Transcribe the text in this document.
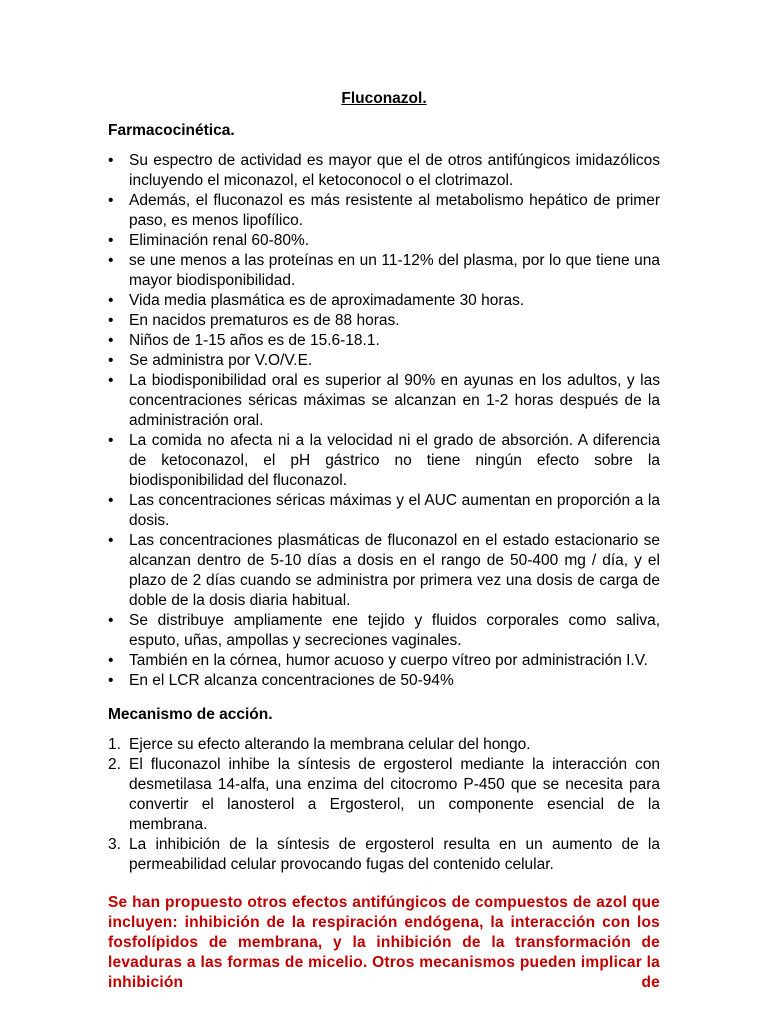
Fluconazol.
Farmacocinética.
• Su espectro de actividad es mayor que el de otros antifúngicos imidazólicos incluyendo el miconazol, el ketoconocol o el clotrimazol.
• Además, el fluconazol es más resistente al metabolismo hepático de primer paso, es menos lipofílico.
• Eliminación renal 60-80%.
• se une menos a las proteínas en un 11-12% del plasma, por lo que tiene una mayor biodisponibilidad.
• Vida media plasmática es de aproximadamente 30 horas.
• En nacidos prematuros es de 88 horas.
• Niños de 1-15 años es de 15.6-18.1.
• Se administra por V.O/V.E.
• La biodisponibilidad oral es superior al 90% en ayunas en los adultos, y las concentraciones séricas máximas se alcanzan en 1-2 horas después de la administración oral.
• La comida no afecta ni a la velocidad ni el grado de absorción. A diferencia de ketoconazol, el pH gástrico no tiene ningún efecto sobre la biodisponibilidad del fluconazol.
• Las concentraciones séricas máximas y el AUC aumentan en proporción a la dosis.
• Las concentraciones plasmáticas de fluconazol en el estado estacionario se alcanzan dentro de 5-10 días a dosis en el rango de 50-400 mg / día, y el plazo de 2 días cuando se administra por primera vez una dosis de carga de doble de la dosis diaria habitual.
• Se distribuye ampliamente ene tejido y fluidos corporales como saliva, esputo, uñas, ampollas y secreciones vaginales.
• También en la córnea, humor acuoso y cuerpo vítreo por administración I.V.
• En el LCR alcanza concentraciones de 50-94%
Mecanismo de acción.
1. Ejerce su efecto alterando la membrana celular del hongo.
2. El fluconazol inhibe la síntesis de ergosterol mediante la interacción con desmetilasa 14-alfa, una enzima del citocromo P-450 que se necesita para convertir el lanosterol a Ergosterol, un componente esencial de la membrana.
3. La inhibición de la síntesis de ergosterol resulta en un aumento de la permeabilidad celular provocando fugas del contenido celular.

Se han propuesto otros efectos antifúngicos de compuestos de azol que incluyen: inhibición de la respiración endógena, la interacción con los fosfolípidos de membrana, y la inhibición de la transformación de levaduras a las formas de micelio. Otros mecanismos pueden implicar la inhibición de
